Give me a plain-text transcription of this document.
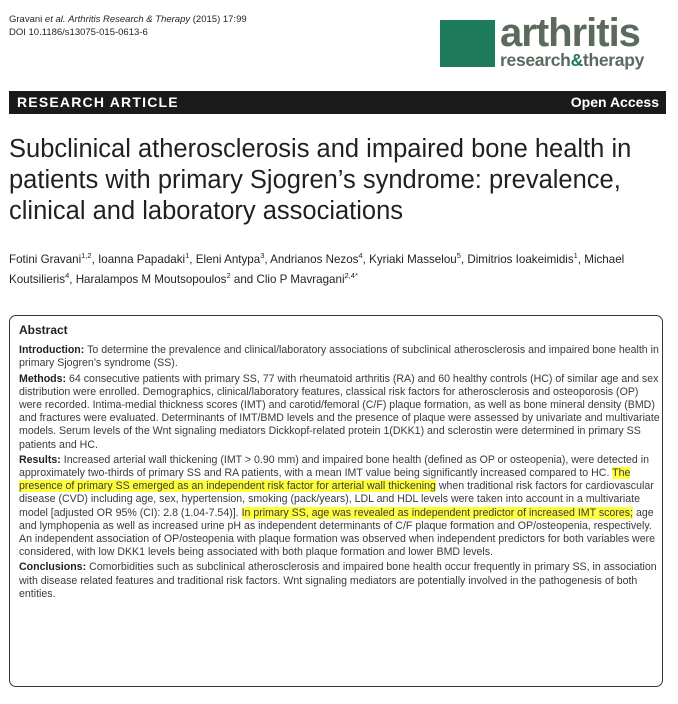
Gravani et al. Arthritis Research & Therapy (2015) 17:99
DOI 10.1186/s13075-015-0613-6	arthritis
research&therapy
RESEARCH ARTICLE	Open Access
Subclinical atherosclerosis and impaired bone health in patients with primary Sjogren’s syndrome: prevalence, clinical and laboratory associations
Fotini Gravani$^{1,2}$, Ioanna Papadaki$^1$, Eleni Antypa$^3$, Andrianos Nezos$^4$, Kyriaki Masselou$^5$, Dimitrios Ioakeimidis$^1$, Michael Koutsilieris$^4$, Haralampos M Moutsopoulos$^2$ and Clio P Mavragani$^{2,4*}$
Abstract

Introduction: To determine the prevalence and clinical/laboratory associations of subclinical atherosclerosis and impaired bone health in primary Sjogren’s syndrome (SS).

Methods: 64 consecutive patients with primary SS, 77 with rheumatoid arthritis (RA) and 60 healthy controls (HC) of similar age and sex distribution were enrolled. Demographics, clinical/laboratory features, classical risk factors for atherosclerosis and osteoporosis (OP) were recorded. Intima-medial thickness scores (IMT) and carotid/femoral (C/F) plaque formation, as well as bone mineral density (BMD) and fractures were evaluated. Determinants of IMT/BMD levels and the presence of plaque were assessed by univariate and multivariate models. Serum levels of the Wnt signaling mediators Dickkopf-related protein 1(DKK1) and sclerostin were determined in primary SS patients and HC.

Results: Increased arterial wall thickening (IMT > 0.90 mm) and impaired bone health (defined as OP or osteopenia), were detected in approximately two-thirds of primary SS and RA patients, with a mean IMT value being significantly increased compared to HC. The presence of primary SS emerged as an independent risk factor for arterial wall thickening when traditional risk factors for cardiovascular disease (CVD) including age, sex, hypertension, smoking (pack/years), LDL and HDL levels were taken into account in a multivariate model [adjusted OR 95% (CI): 2.8 (1.04-7.54)]. In primary SS, age was revealed as independent predictor of increased IMT scores; age and lymphopenia as well as increased urine pH as independent determinants of C/F plaque formation and OP/osteopenia, respectively. An independent association of OP/osteopenia with plaque formation was observed when independent predictors for both variables were considered, with low DKK1 levels being associated with both plaque formation and lower BMD levels.

Conclusions: Comorbidities such as subclinical atherosclerosis and impaired bone health occur frequently in primary SS, in association with disease related features and traditional risk factors. Wnt signaling mediators are potentially involved in the pathogenesis of both entities.
